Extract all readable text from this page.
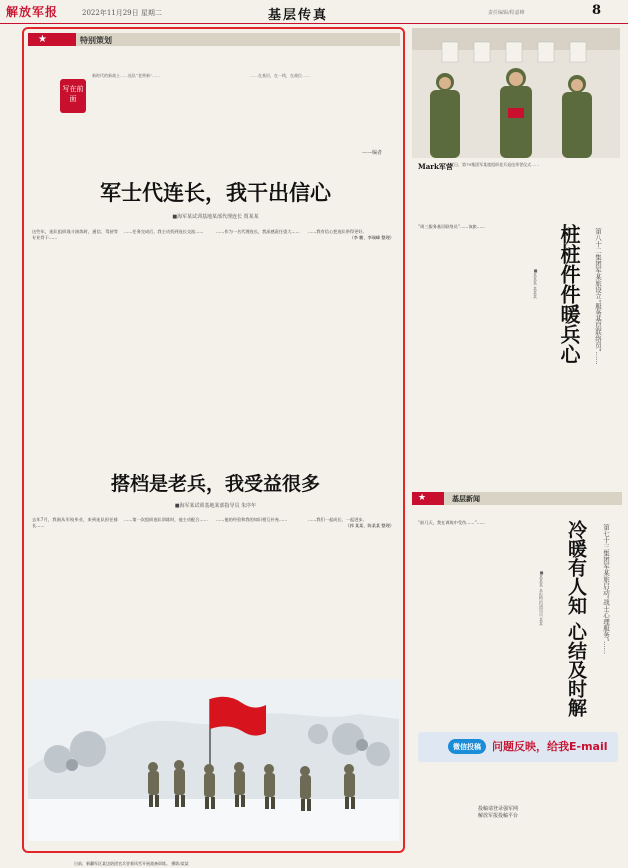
解放军报	2022年11月29日 星期二	基层传真	责任编辑/程嘉峰	8
★	特别策划
写在前面
新时代的新战士……连队“老带新”……	……在基层，在一线，在战位……
——编者
军士代连长，我干出信心
■海军某试训基地某部代理连长 贾某某
这些年，连队组织战斗演练时，通信、驾驶等专业骨干……
……任务完成后，我主动找到连长交流……	……作为一名代理连长，我深感责任重大……	……我有信心把连队带得更好。
（李 鹏、李瑞峰 整理）
搭档是老兵，我受益很多
■海军某试训基地某部指导员 朱序年
去年7月，我刚从军校毕业，来到连队担任排长……
……第一次组织连队训练时，他主动配合……	……他的经验和我的知识相互补充……	……我们一起成长、一起进步。
（郭 某某、陈某某 整理）
日前，新疆军区某边防团官兵冒着风雪开展战备训练。 摄影/某某
Mark军营
近日，第79集团军某旅组织老兵退伍荣誉仪式……
桩桩件件暖兵心	第八十二集团军某旅设立“服务基层联络员”……
■某某某 某某某
“周三服务基层联络员”……该旅……
★	基层新闻
冷暖有人知 心结及时解	第七十三集团军某旅启动“战士心理服务”……
■某某某 本报特约通讯员 某某
“前几天，我在训练中受伤……”……
微信投稿	问题反映，给我E-mail
投稿请登录强军网
解放军报投稿平台
